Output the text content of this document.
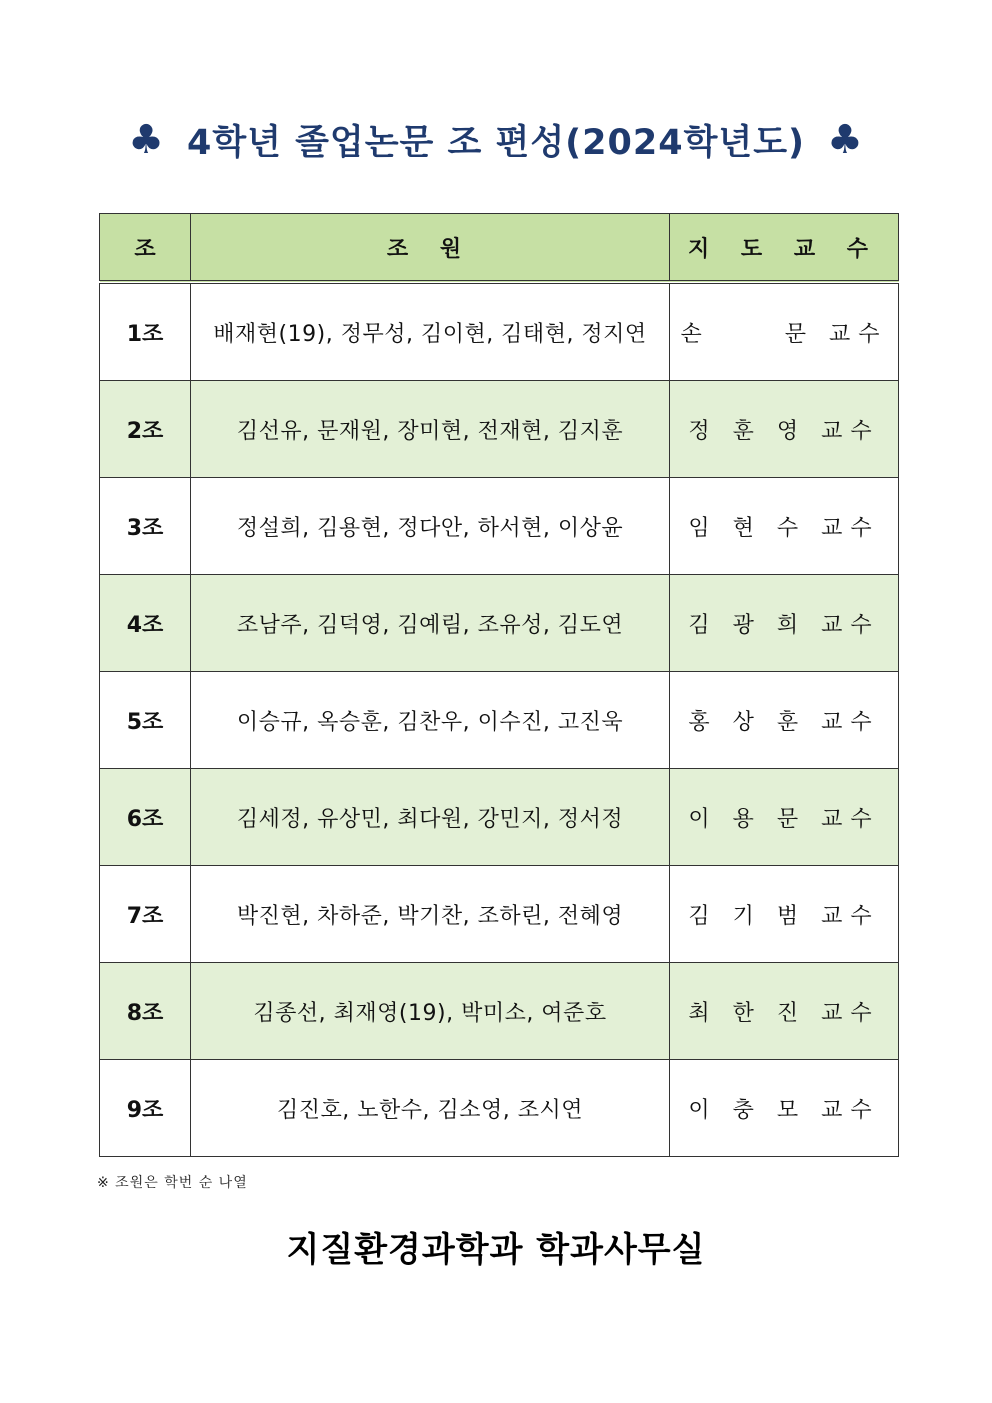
♣ 4학년 졸업논문 조 편성(2024학년도) ♣
조	조 원	지 도 교 수
1조	배재현(19), 정무성, 김이현, 김태현, 정지연	손     문 교수
2조	김선유, 문재원, 장미현, 전재현, 김지훈	정 훈 영 교수
3조	정설희, 김용현, 정다안, 하서현, 이상윤	임 현 수 교수
4조	조남주, 김덕영, 김예림, 조유성, 김도연	김 광 희 교수
5조	이승규, 옥승훈, 김찬우, 이수진, 고진욱	홍 상 훈 교수
6조	김세정, 유상민, 최다원, 강민지, 정서정	이 용 문 교수
7조	박진현, 차하준, 박기찬, 조하린, 전혜영	김 기 범 교수
8조	김종선, 최재영(19), 박미소, 여준호	최 한 진 교수
9조	김진호, 노한수, 김소영, 조시연	이 충 모 교수
※ 조원은 학번 순 나열
지질환경과학과 학과사무실
